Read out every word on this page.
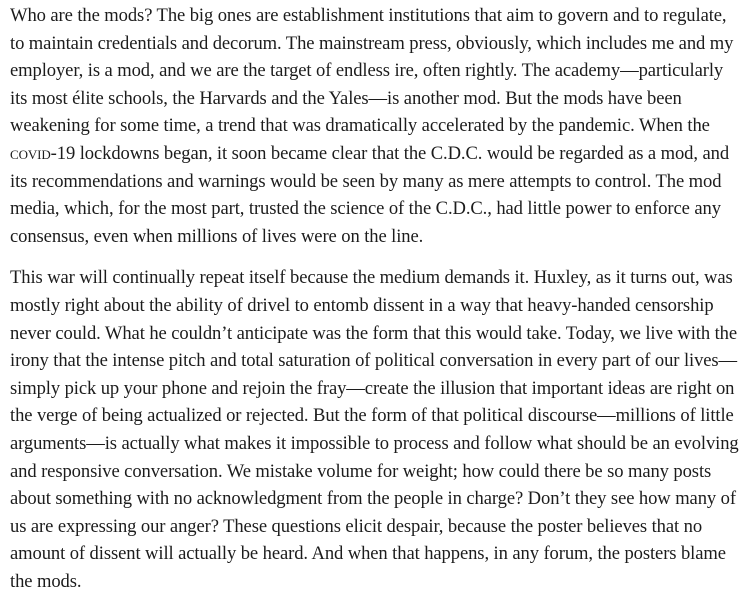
Who are the mods? The big ones are establishment institutions that aim to govern and to regulate, to maintain credentials and decorum. The mainstream press, obviously, which includes me and my employer, is a mod, and we are the target of endless ire, often rightly. The academy—particularly its most élite schools, the Harvards and the Yales—is another mod. But the mods have been weakening for some time, a trend that was dramatically accelerated by the pandemic. When the covid-19 lockdowns began, it soon became clear that the C.D.C. would be regarded as a mod, and its recommendations and warnings would be seen by many as mere attempts to control. The mod media, which, for the most part, trusted the science of the C.D.C., had little power to enforce any consensus, even when millions of lives were on the line.

This war will continually repeat itself because the medium demands it. Huxley, as it turns out, was mostly right about the ability of drivel to entomb dissent in a way that heavy-handed censorship never could. What he couldn’t anticipate was the form that this would take. Today, we live with the irony that the intense pitch and total saturation of political conversation in every part of our lives—simply pick up your phone and rejoin the fray—create the illusion that important ideas are right on the verge of being actualized or rejected. But the form of that political discourse—millions of little arguments—is actually what makes it impossible to process and follow what should be an evolving and responsive conversation. We mistake volume for weight; how could there be so many posts about something with no acknowledgment from the people in charge? Don’t they see how many of us are expressing our anger? These questions elicit despair, because the poster believes that no amount of dissent will actually be heard. And when that happens, in any forum, the posters blame the mods.
